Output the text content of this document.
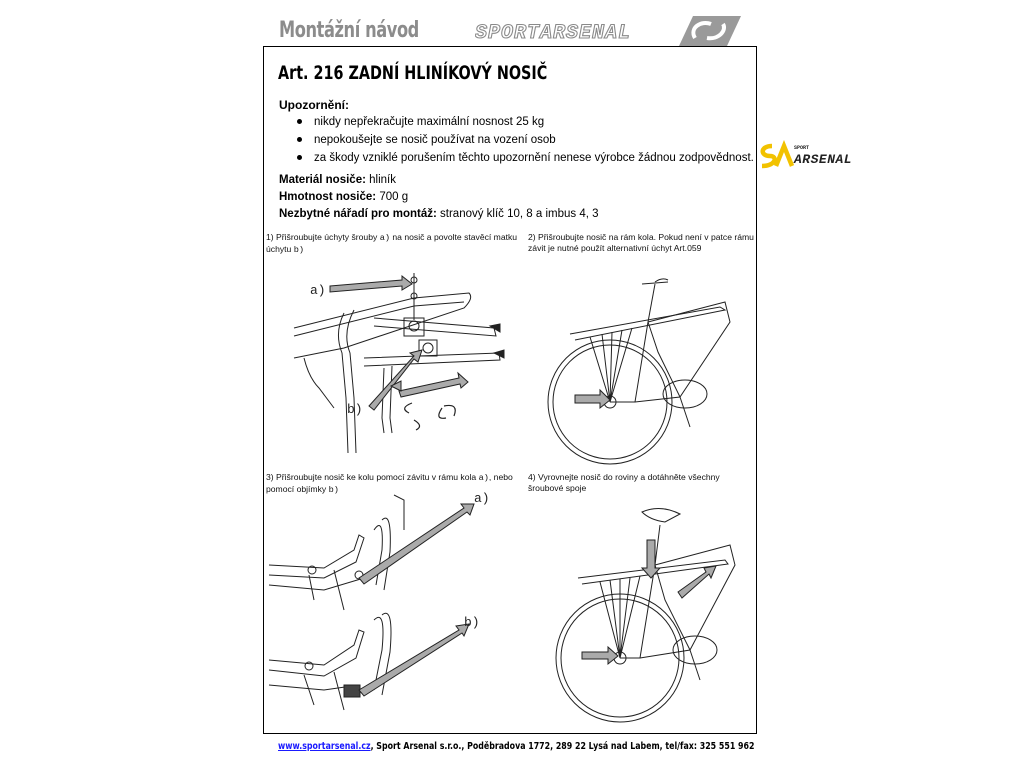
Montážní návod	SPORTARSENAL
SPORT
ARSENAL
Art. 216 ZADNÍ HLINÍKOVÝ NOSIČ
Upozornění:
nikdy nepřekračujte maximální nosnost 25 kg
nepokoušejte se nosič používat na vození osob
za škody vzniklé porušením těchto upozornění nenese výrobce žádnou zodpovědnost.
Materiál nosiče: hliník
Hmotnost nosiče: 700 g
Nezbytné nářadí pro montáž: stranový klíč 10, 8 a imbus 4, 3
1) Přišroubujte úchyty šrouby a) na nosič a povolte stavěcí matku úchytu b)
2) Přišroubujte nosič na rám kola. Pokud není v patce rámu závit je nutné použít alternativní úchyt Art.059
3) Přišroubujte nosič ke kolu pomocí závitu v rámu kola a), nebo pomocí objímky b)
4) Vyrovnejte nosič do roviny a dotáhněte všechny šroubové spoje
a)
b)
a)
b)
www.sportarsenal.cz, Sport Arsenal s.r.o., Poděbradova 1772, 289 22 Lysá nad Labem, tel/fax: 325 551 962
